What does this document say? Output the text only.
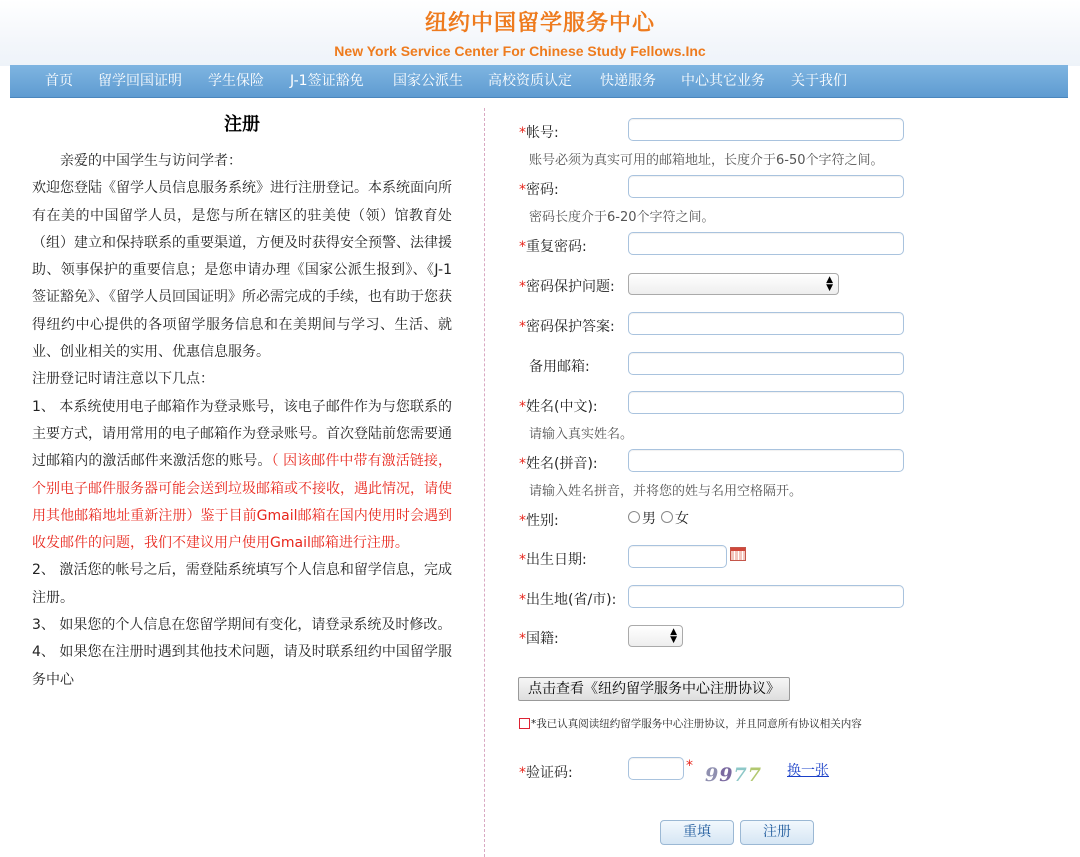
纽约中国留学服务中心
New York Service Center For Chinese Study Fellows.Inc
首页 留学回国证明 学生保险 J-1签证豁免 国家公派生 高校资质认定 快递服务 中心其它业务 关于我们
注册

亲爱的中国学生与访问学者：

欢迎您登陆《留学人员信息服务系统》进行注册登记。本系统面向所有在美的中国留学人员，是您与所在辖区的驻美使（领）馆教育处（组）建立和保持联系的重要渠道，方便及时获得安全预警、法律援助、领事保护的重要信息；是您申请办理《国家公派生报到》、《J-1签证豁免》、《留学人员回国证明》所必需完成的手续，也有助于您获得纽约中心提供的各项留学服务信息和在美期间与学习、生活、就业、创业相关的实用、优惠信息服务。

注册登记时请注意以下几点：

1、 本系统使用电子邮箱作为登录账号，该电子邮件作为与您联系的主要方式，请用常用的电子邮箱作为登录账号。首次登陆前您需要通过邮箱内的激活邮件来激活您的账号。（ 因该邮件中带有激活链接，个别电子邮件服务器可能会送到垃圾邮箱或不接收，遇此情况，请使用其他邮箱地址重新注册）鉴于目前Gmail邮箱在国内使用时会遇到收发邮件的问题，我们不建议用户使用Gmail邮箱进行注册。

2、 激活您的帐号之后，需登陆系统填写个人信息和留学信息，完成注册。

3、 如果您的个人信息在您留学期间有变化，请登录系统及时修改。

4、 如果您在注册时遇到其他技术问题，请及时联系纽约中国留学服务中心

*帐号:
账号必须为真实可用的邮箱地址，长度介于6-50个字符之间。
*密码:
密码长度介于6-20个字符之间。
*重复密码:
*密码保护问题:	▲
▼
*密码保护答案:
备用邮箱:
*姓名(中文):
请输入真实姓名。
*姓名(拼音):
请输入姓名拼音，并将您的姓与名用空格隔开。
*性别:	男 女
*出生日期:
*出生地(省/市):
*国籍:	▲
▼
点击查看《纽约留学服务中心注册协议》
*我已认真阅读纽约留学服务中心注册协议，并且同意所有协议相关内容
*验证码:	* 9977 换一张
重填	注册
